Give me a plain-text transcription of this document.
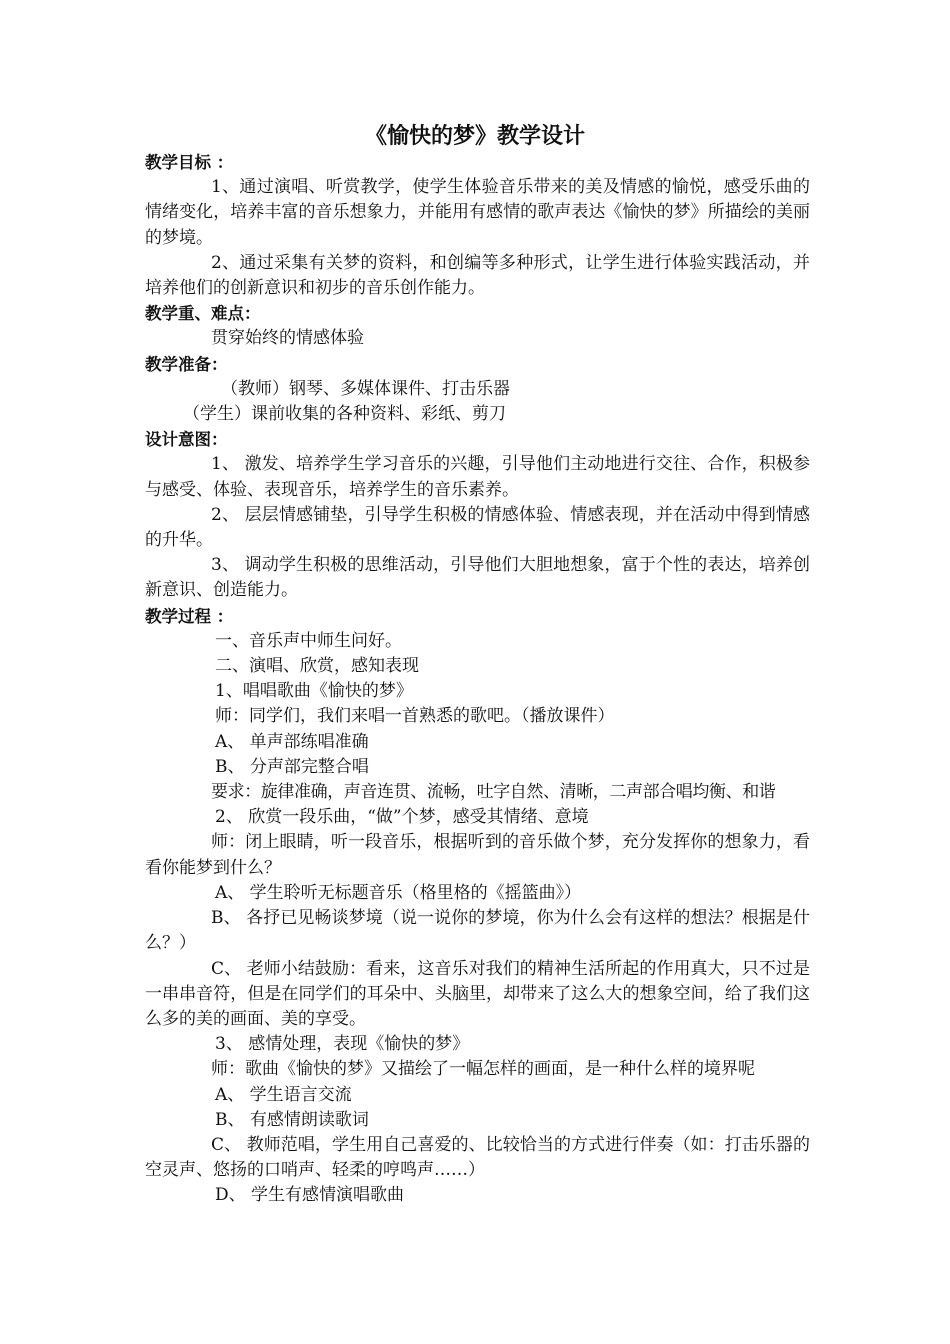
《愉快的梦》教学设计

教学目标 ：

1、通过演唱、听赏教学，使学生体验音乐带来的美及情感的愉悦，感受乐曲的情绪变化，培养丰富的音乐想象力，并能用有感情的歌声表达《愉快的梦》所描绘的美丽的梦境。

2、通过采集有关梦的资料，和创编等多种形式，让学生进行体验实践活动，并培养他们的创新意识和初步的音乐创作能力。

教学重、难点：

贯穿始终的情感体验

教学准备：

（教师）钢琴、多媒体课件、打击乐器

（学生）课前收集的各种资料、彩纸、剪刀

设计意图：

1、 激发、培养学生学习音乐的兴趣，引导他们主动地进行交往、合作，积极参与感受、体验、表现音乐，培养学生的音乐素养。

2、 层层情感铺垫，引导学生积极的情感体验、情感表现，并在活动中得到情感的升华。

3、 调动学生积极的思维活动，引导他们大胆地想象，富于个性的表达，培养创新意识、创造能力。

教学过程 ：

一、音乐声中师生问好。

二、演唱、欣赏，感知表现

1、唱唱歌曲《愉快的梦》

师：同学们，我们来唱一首熟悉的歌吧。（播放课件）

A、 单声部练唱准确

B、 分声部完整合唱

要求：旋律准确，声音连贯、流畅，吐字自然、清晰，二声部合唱均衡、和谐

2、 欣赏一段乐曲，“做”个梦，感受其情绪、意境

师：闭上眼睛，听一段音乐，根据听到的音乐做个梦，充分发挥你的想象力，看看你能梦到什么？

A、 学生聆听无标题音乐（格里格的《摇篮曲》）

B、 各抒已见畅谈梦境（说一说你的梦境，你为什么会有这样的想法？根据是什么？）

C、 老师小结鼓励：看来，这音乐对我们的精神生活所起的作用真大，只不过是一串串音符，但是在同学们的耳朵中、头脑里，却带来了这么大的想象空间，给了我们这么多的美的画面、美的享受。

3、 感情处理，表现《愉快的梦》

师：歌曲《愉快的梦》又描绘了一幅怎样的画面，是一种什么样的境界呢

A、 学生语言交流

B、 有感情朗读歌词

C、 教师范唱，学生用自己喜爱的、比较恰当的方式进行伴奏（如：打击乐器的空灵声、悠扬的口哨声、轻柔的哼鸣声……）

D、 学生有感情演唱歌曲
